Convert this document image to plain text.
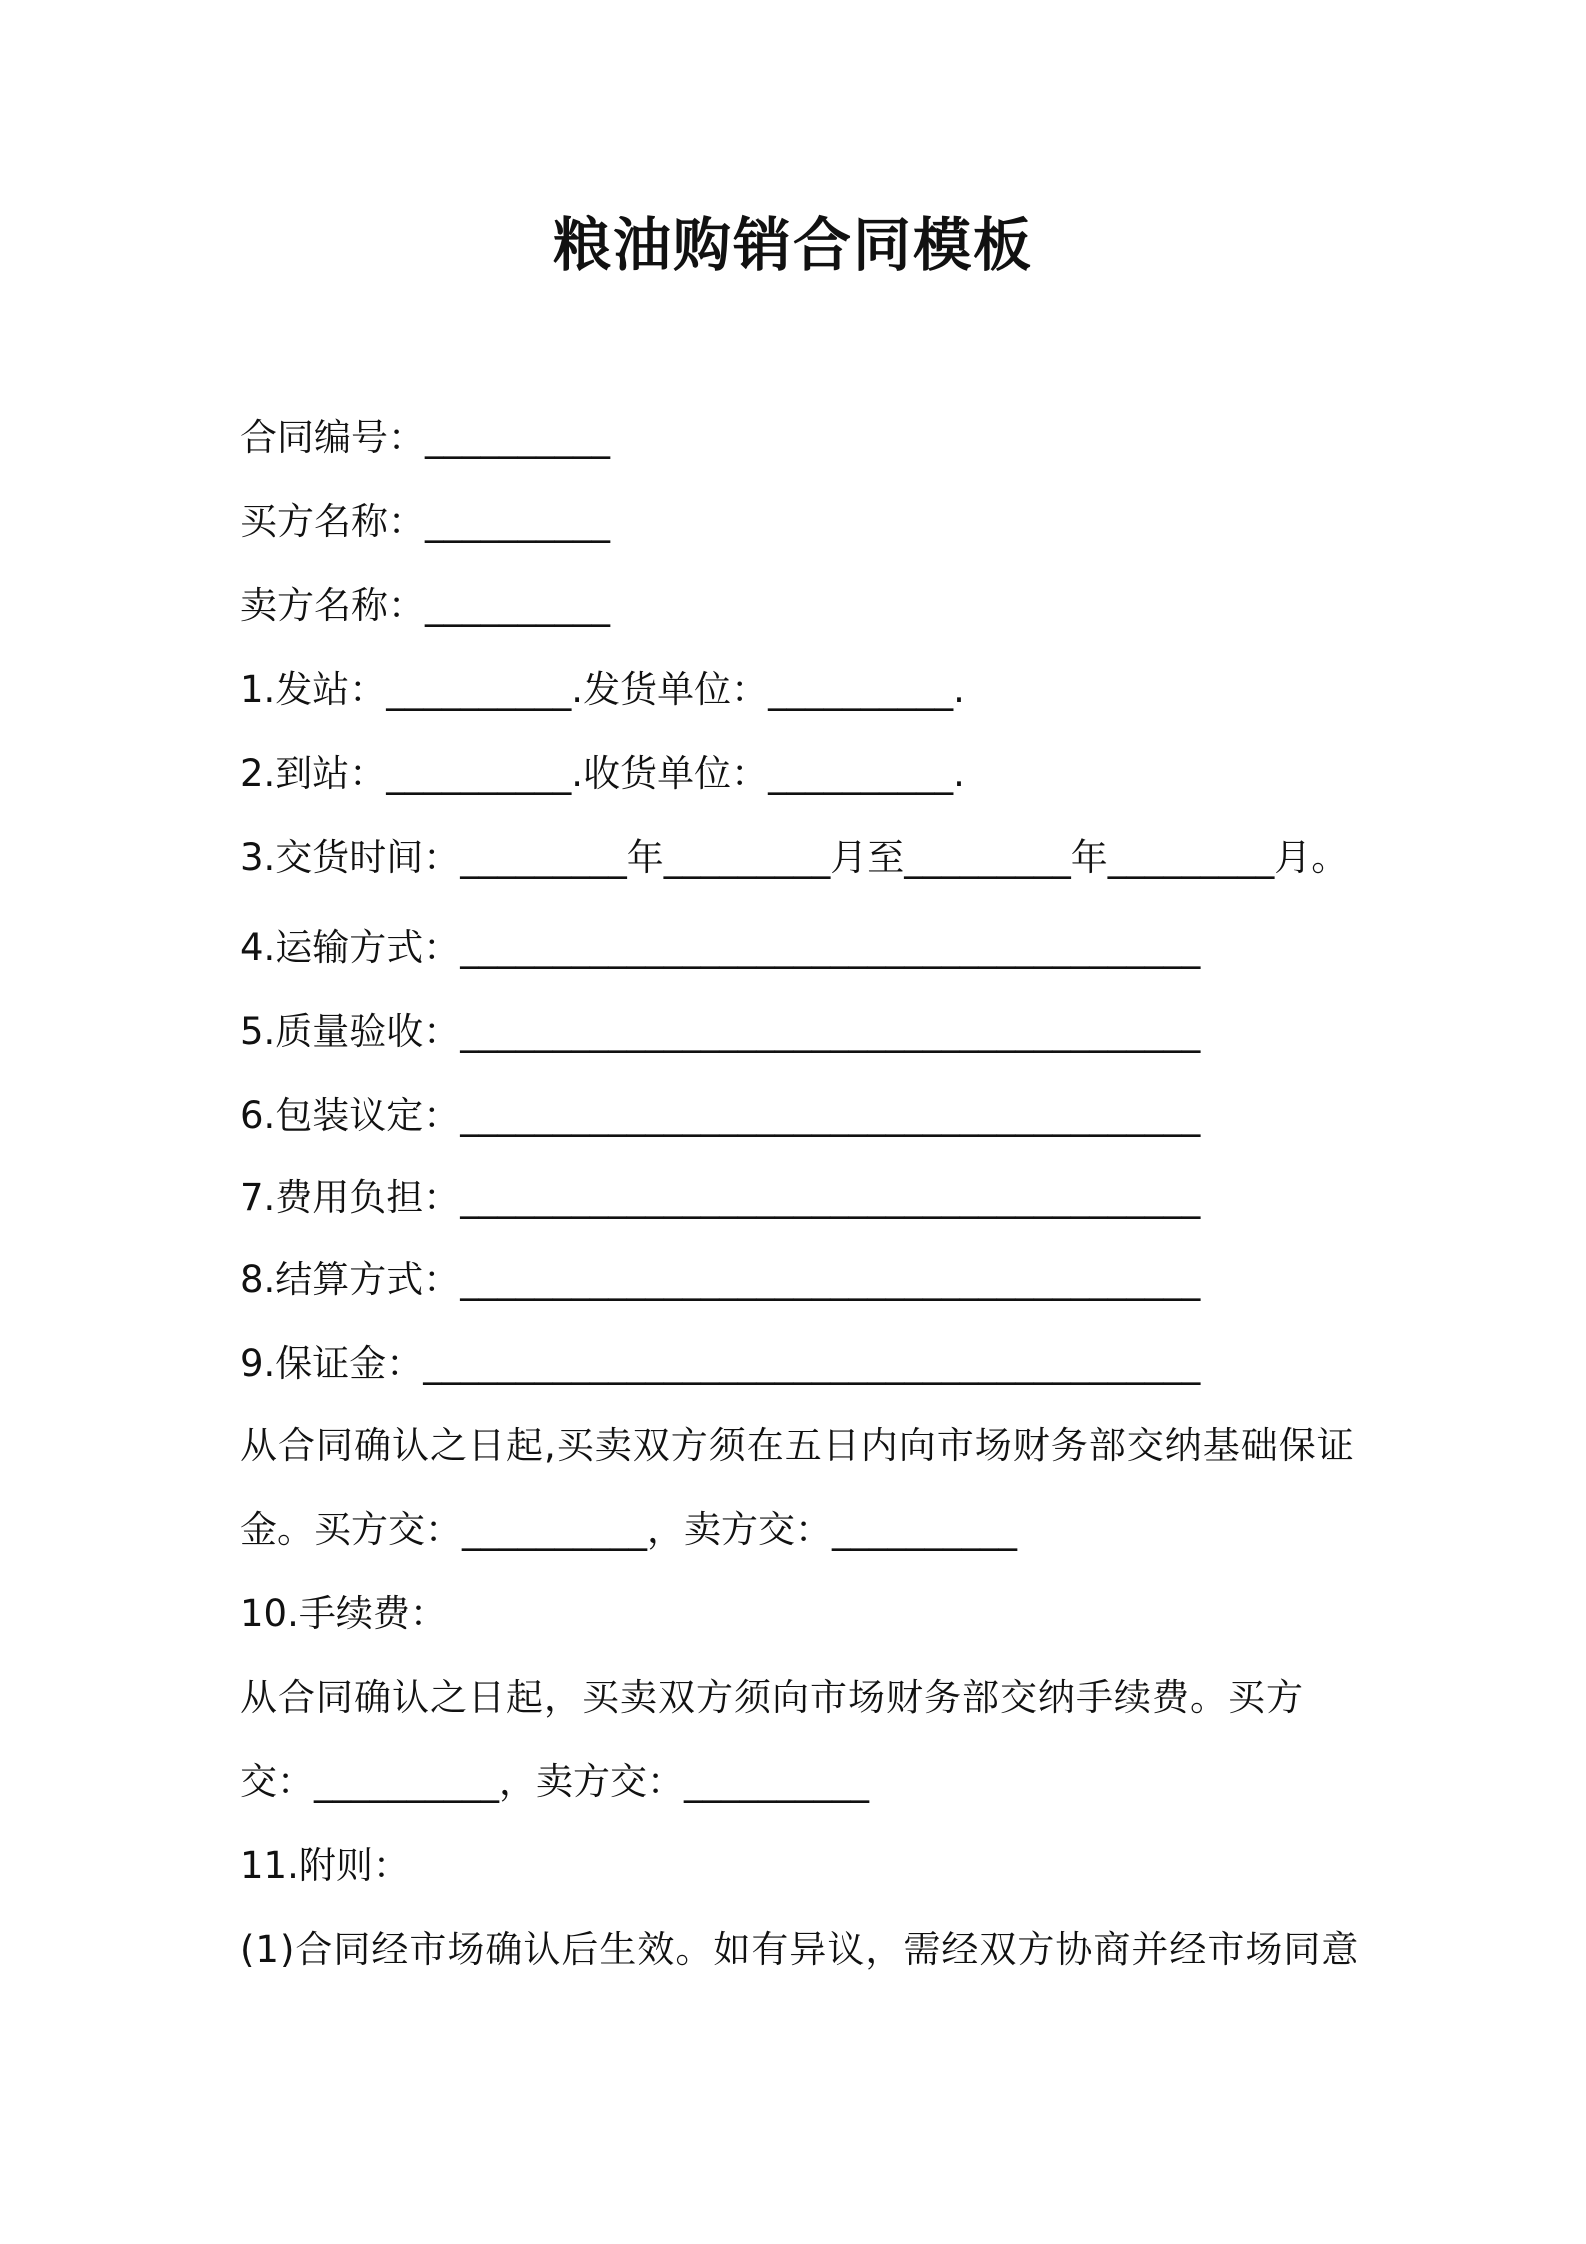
粮油购销合同模板

合同编号：__________

买方名称：__________

卖方名称：__________

1.发站：__________.发货单位：__________.

2.到站：__________.收货单位：__________.

3.交货时间：_________年_________月至_________年_________月。

4.运输方式：________________________________________

5.质量验收：________________________________________

6.包装议定：________________________________________

7.费用负担：________________________________________

8.结算方式：________________________________________

9.保证金：__________________________________________

从合同确认之日起,买卖双方须在五日内向市场财务部交纳基础保证

金。买方交：__________，卖方交：__________

10.手续费：

从合同确认之日起，买卖双方须向市场财务部交纳手续费。买方

交：__________，卖方交：__________

11.附则：

(1)合同经市场确认后生效。如有异议，需经双方协商并经市场同意
